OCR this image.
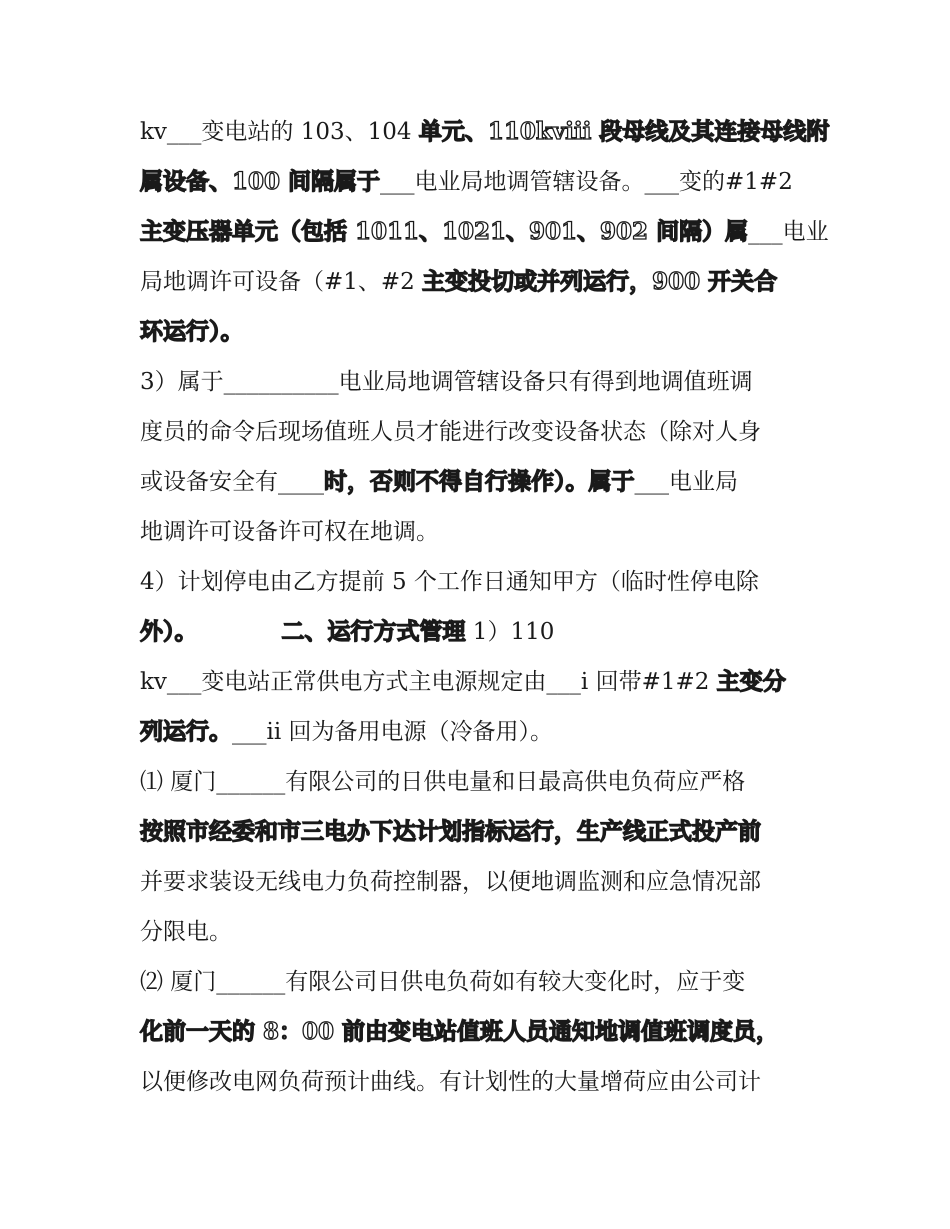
kv___变电站的 103、104 单元、110kviii 段母线及其连接母线附
属设备、100 间隔属于___电业局地调管辖设备。___变的#1#2
主变压器单元（包括 1011、1021、901、902 间隔）属___电业
局地调许可设备（#1、#2 主变投切或并列运行，900 开关合
环运行）。
3）属于__________电业局地调管辖设备只有得到地调值班调
度员的命令后现场值班人员才能进行改变设备状态（除对人身
或设备安全有____时，否则不得自行操作）。属于___电业局
地调许可设备许可权在地调。
4）计划停电由乙方提前 5 个工作日通知甲方（临时性停电除
外）。	二、运行方式管理 1）110
kv___变电站正常供电方式主电源规定由___i 回带#1#2 主变分
列运行。___ii 回为备用电源（冷备用）。
⑴ 厦门______有限公司的日供电量和日最高供电负荷应严格
按照市经委和市三电办下达计划指标运行，生产线正式投产前
并要求装设无线电力负荷控制器，以便地调监测和应急情况部
分限电。
⑵ 厦门______有限公司日供电负荷如有较大变化时，应于变
化前一天的 8：00 前由变电站值班人员通知地调值班调度员，
以便修改电网负荷预计曲线。有计划性的大量增荷应由公司计
